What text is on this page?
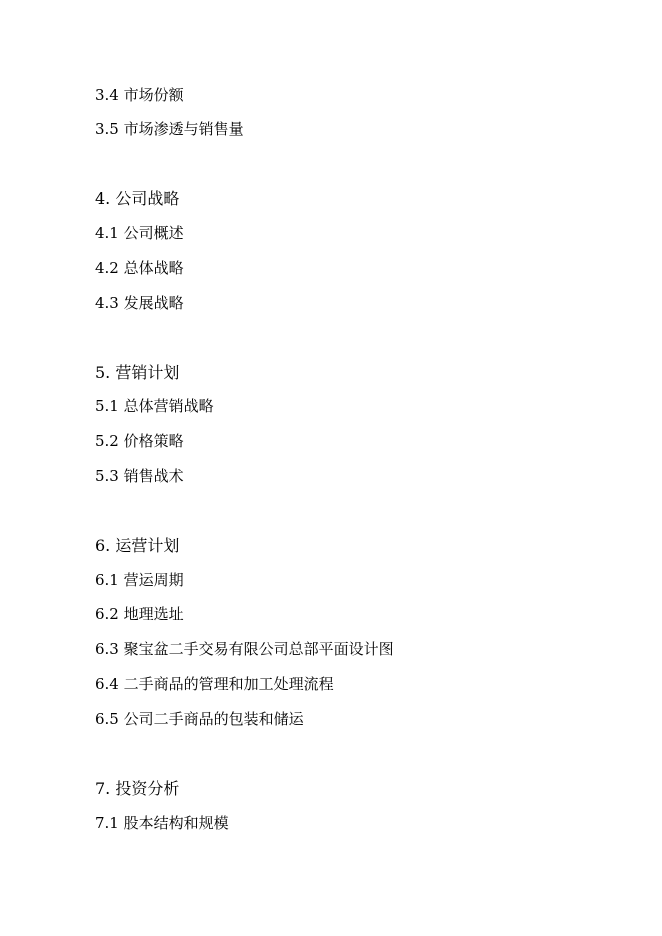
3.4 市场份额
3.5 市场渗透与销售量
4. 公司战略
4.1 公司概述
4.2 总体战略
4.3 发展战略
5. 营销计划
5.1 总体营销战略
5.2 价格策略
5.3 销售战术
6. 运营计划
6.1 营运周期
6.2 地理选址
6.3 聚宝盆二手交易有限公司总部平面设计图
6.4 二手商品的管理和加工处理流程
6.5 公司二手商品的包装和储运
7. 投资分析
7.1 股本结构和规模
